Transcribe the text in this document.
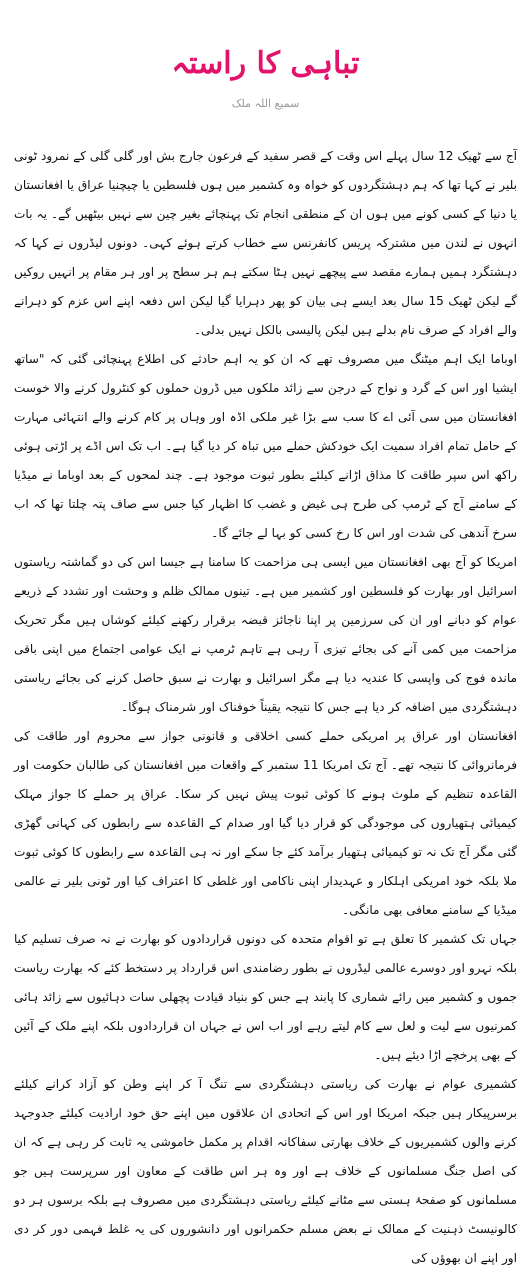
تباہی کا راستہ
سمیع اللہ ملک

آج سے ٹھیک 12 سال پہلے اس وقت کے قصر سفید کے فرعون جارج بش اور گلی گلی کے نمرود ٹونی بلیر نے کہا تھا کہ ہم دہشتگردوں کو خواہ وہ کشمیر میں ہوں فلسطین یا چیچنیا عراق یا افغانستان یا دنیا کے کسی کونے میں ہوں ان کے منطقی انجام تک پہنچائے بغیر چین سے نہیں بیٹھیں گے۔ یہ بات انہوں نے لندن میں مشترکہ پریس کانفرنس سے خطاب کرتے ہوئے کہی۔ دونوں لیڈروں نے کہا کہ دہشتگرد ہمیں ہمارے مقصد سے پیچھے نہیں ہٹا سکتے ہم ہر سطح پر اور ہر مقام پر انہیں روکیں گے لیکن ٹھیک 15 سال بعد ایسے ہی بیان کو پھر دہرایا گیا لیکن اس دفعہ اپنے اس عزم کو دہرانے والے افراد کے صرف نام بدلے ہیں لیکن پالیسی بالکل نہیں بدلی۔

اوباما ایک اہم میٹنگ میں مصروف تھے کہ ان کو یہ اہم حادثے کی اطلاع پہنچائی گئی کہ "ساتھ ایشیا اور اس کے گرد و نواح کے درجن سے زائد ملکوں میں ڈرون حملوں کو کنٹرول کرنے والا خوست افغانستان میں سی آئی اے کا سب سے بڑا غیر ملکی اڈہ اور وہاں پر کام کرنے والے انتہائی مہارت کے حامل تمام افراد سمیت ایک خودکش حملے میں تباہ کر دیا گیا ہے۔ اب تک اس اڈے پر اڑتی ہوئی راکھ اس سپر طاقت کا مذاق اڑانے کیلئے بطور ثبوت موجود ہے۔ چند لمحوں کے بعد اوباما نے میڈیا کے سامنے آج کے ٹرمپ کی طرح ہی غیض و غضب کا اظہار کیا جس سے صاف پتہ چلتا تھا کہ اب سرخ آندھی کی شدت اور اس کا رخ کسی کو بہا لے جائے گا۔

امریکا کو آج بھی افغانستان میں ایسی ہی مزاحمت کا سامنا ہے جیسا اس کی دو گماشتہ ریاستوں اسرائیل اور بھارت کو فلسطین اور کشمیر میں ہے۔ تینوں ممالک ظلم و وحشت اور تشدد کے ذریعے عوام کو دبانے اور ان کی سرزمین پر اپنا ناجائز قبضہ برقرار رکھنے کیلئے کوشاں ہیں مگر تحریک مزاحمت میں کمی آنے کی بجائے تیزی آ رہی ہے تاہم ٹرمپ نے ایک عوامی اجتماع میں اپنی باقی ماندہ فوج کی واپسی کا عندیہ دیا ہے مگر اسرائیل و بھارت نے سبق حاصل کرنے کی بجائے ریاستی دہشتگردی میں اضافہ کر دیا ہے جس کا نتیجہ یقیناً خوفناک اور شرمناک ہوگا۔

افغانستان اور عراق پر امریکی حملے کسی اخلاقی و قانونی جواز سے محروم اور طاقت کی فرمانروائی کا نتیجہ تھے۔ آج تک امریکا 11 ستمبر کے واقعات میں افغانستان کی طالبان حکومت اور القاعدہ تنظیم کے ملوث ہونے کا کوئی ثبوت پیش نہیں کر سکا۔ عراق پر حملے کا جواز مہلک کیمیائی ہتھیاروں کی موجودگی کو قرار دیا گیا اور صدام کے القاعدہ سے رابطوں کی کہانی گھڑی گئی مگر آج تک نہ تو کیمیائی ہتھیار برآمد کئے جا سکے اور نہ ہی القاعدہ سے رابطوں کا کوئی ثبوت ملا بلکہ خود امریکی اہلکار و عہدیدار اپنی ناکامی اور غلطی کا اعتراف کیا اور ٹونی بلیر نے عالمی میڈیا کے سامنے معافی بھی مانگی۔

جہاں تک کشمیر کا تعلق ہے تو اقوام متحدہ کی دونوں قراردادوں کو بھارت نے نہ صرف تسلیم کیا بلکہ نہرو اور دوسرے عالمی لیڈروں نے بطور رضامندی اس قرارداد پر دستخط کئے کہ بھارت ریاست جموں و کشمیر میں رائے شماری کا پابند ہے جس کو بنیاد قیادت پچھلی سات دہائیوں سے زائد ہائی کمرنیوں سے لیت و لعل سے کام لیتے رہے اور اب اس نے جہاں ان قراردادوں بلکہ اپنے ملک کے آئین کے بھی پرخچے اڑا دیئے ہیں۔

کشمیری عوام نے بھارت کی ریاستی دہشتگردی سے تنگ آ کر اپنے وطن کو آزاد کرانے کیلئے برسرپیکار ہیں جبکہ امریکا اور اس کے اتحادی ان علاقوں میں اپنے حق خود ارادیت کیلئے جدوجہد کرنے والوں کشمیریوں کے خلاف بھارتی سفاکانہ اقدام پر مکمل خاموشی یہ ثابت کر رہی ہے کہ ان کی اصل جنگ مسلمانوں کے خلاف ہے اور وہ ہر اس طاقت کے معاون اور سرپرست ہیں جو مسلمانوں کو صفحۂ ہستی سے مٹانے کیلئے ریاستی دہشتگردی میں مصروف ہے بلکہ برسوں ہر دو کالونیسٹ ذہنیت کے ممالک نے بعض مسلم حکمرانوں اور دانشوروں کی یہ غلط فہمی دور کر دی اور اپنے ان بھوؤں کی
